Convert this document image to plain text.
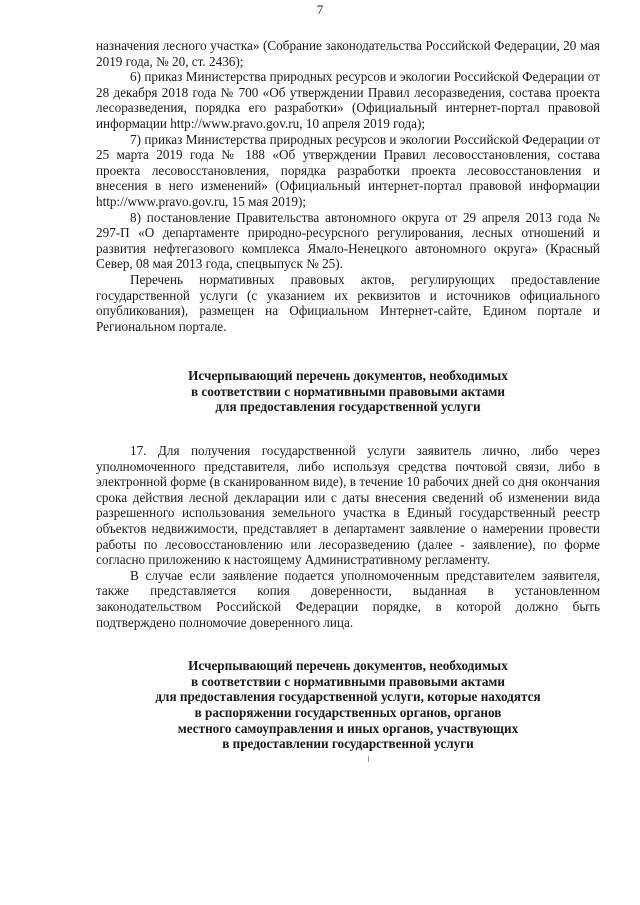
7

назначения лесного участка» (Собрание законодательства Российской Федерации, 20 мая 2019 года, № 20, ст. 2436);

6) приказ Министерства природных ресурсов и экологии Российской Федерации от 28 декабря 2018 года № 700 «Об утверждении Правил лесоразведения, состава проекта лесоразведения, порядка его разработки» (Официальный интернет-портал правовой информации http://www.pravo.gov.ru, 10 апреля 2019 года);

7) приказ Министерства природных ресурсов и экологии Российской Федерации от 25 марта 2019 года № 188 «Об утверждении Правил лесовосстановления, состава проекта лесовосстановления, порядка разработки проекта лесовосстановления и внесения в него изменений» (Официальный интернет-портал правовой информации http://www.pravo.gov.ru, 15 мая 2019);

8) постановление Правительства автономного округа от 29 апреля 2013 года № 297-П «О департаменте природно-ресурсного регулирования, лесных отношений и развития нефтегазового комплекса Ямало-Ненецкого автономного округа» (Красный Север, 08 мая 2013 года, спецвыпуск № 25).

Перечень нормативных правовых актов, регулирующих предоставление государственной услуги (с указанием их реквизитов и источников официального опубликования), размещен на Официальном Интернет-сайте, Едином портале и Региональном портале.

Исчерпывающий перечень документов, необходимых

в соответствии с нормативными правовыми актами

для предоставления государственной услуги

17. Для получения государственной услуги заявитель лично, либо через уполномоченного представителя, либо используя средства почтовой связи, либо в электронной форме (в сканированном виде), в течение 10 рабочих дней со дня окончания срока действия лесной декларации или с даты внесения сведений об изменении вида разрешенного использования земельного участка в Единый государственный реестр объектов недвижимости, представляет в департамент заявление о намерении провести работы по лесовосстановлению или лесоразведению (далее - заявление), по форме согласно приложению к настоящему Административному регламенту.

В случае если заявление подается уполномоченным представителем заявителя, также представляется копия доверенности, выданная в установленном законодательством Российской Федерации порядке, в которой должно быть подтверждено полномочие доверенного лица.

Исчерпывающий перечень документов, необходимых

в соответствии с нормативными правовыми актами

для предоставления государственной услуги, которые находятся

в распоряжении государственных органов, органов

местного самоуправления и иных органов, участвующих

в предоставлении государственной услуги
